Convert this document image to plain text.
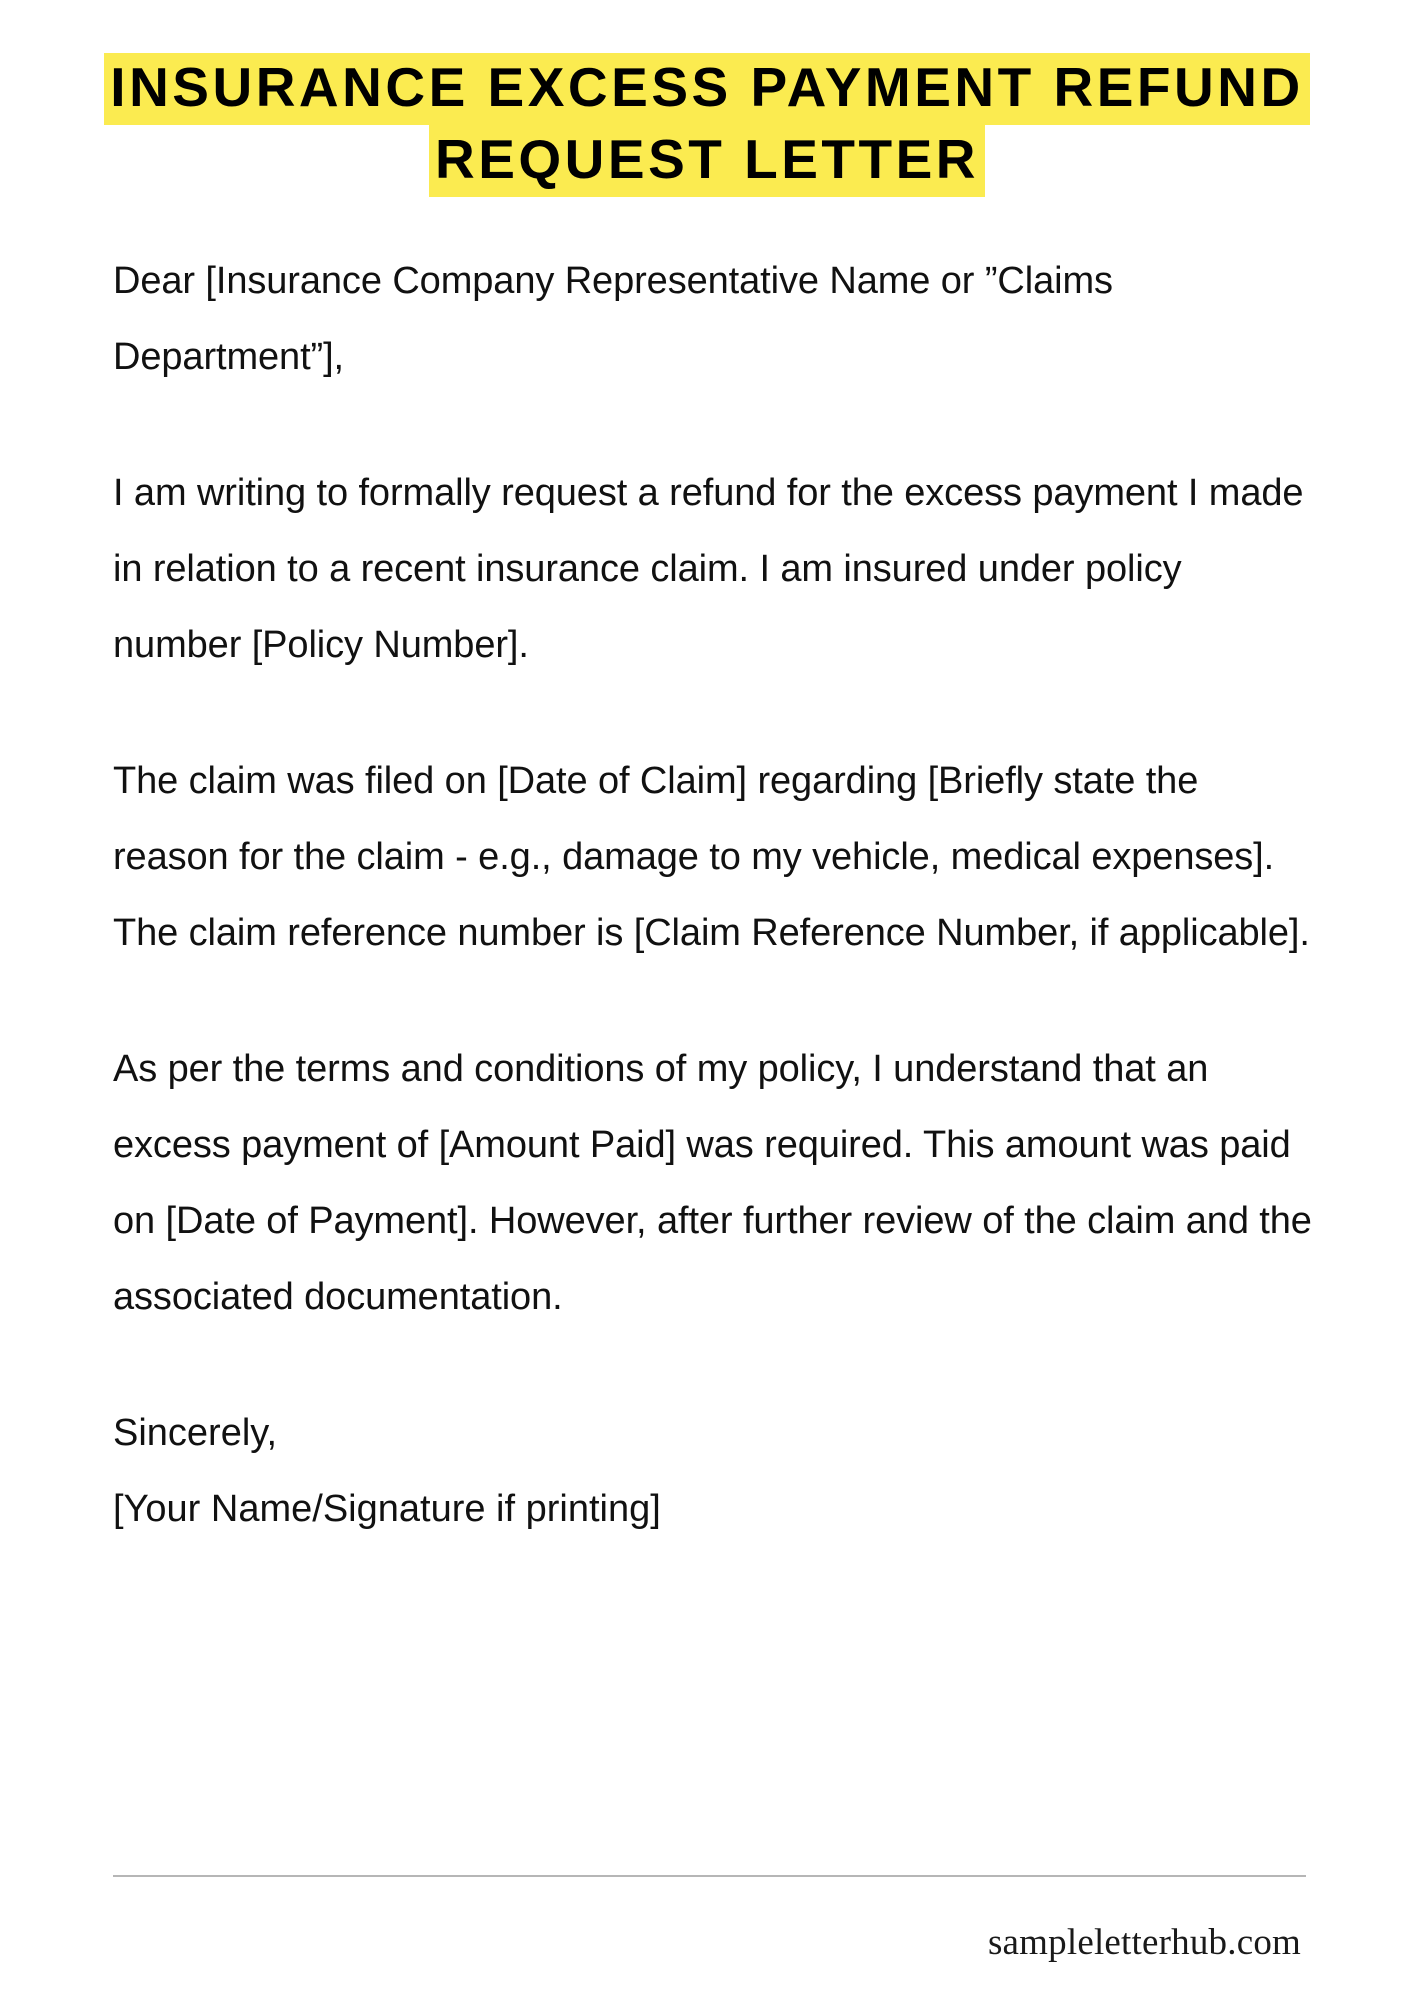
INSURANCE EXCESS PAYMENT REFUND
REQUEST LETTER

Dear [Insurance Company Representative Name or ”Claims Department”],

I am writing to formally request a refund for the excess payment I made in relation to a recent insurance claim. I am insured under policy number [Policy Number].

The claim was filed on [Date of Claim] regarding [Briefly state the reason for the claim - e.g., damage to my vehicle, medical expenses]. The claim reference number is [Claim Reference Number, if applicable].

As per the terms and conditions of my policy, I understand that an excess payment of [Amount Paid] was required. This amount was paid on [Date of Payment]. However, after further review of the claim and the associated documentation.

Sincerely,
[Your Name/Signature if printing]
sampleletterhub.com
